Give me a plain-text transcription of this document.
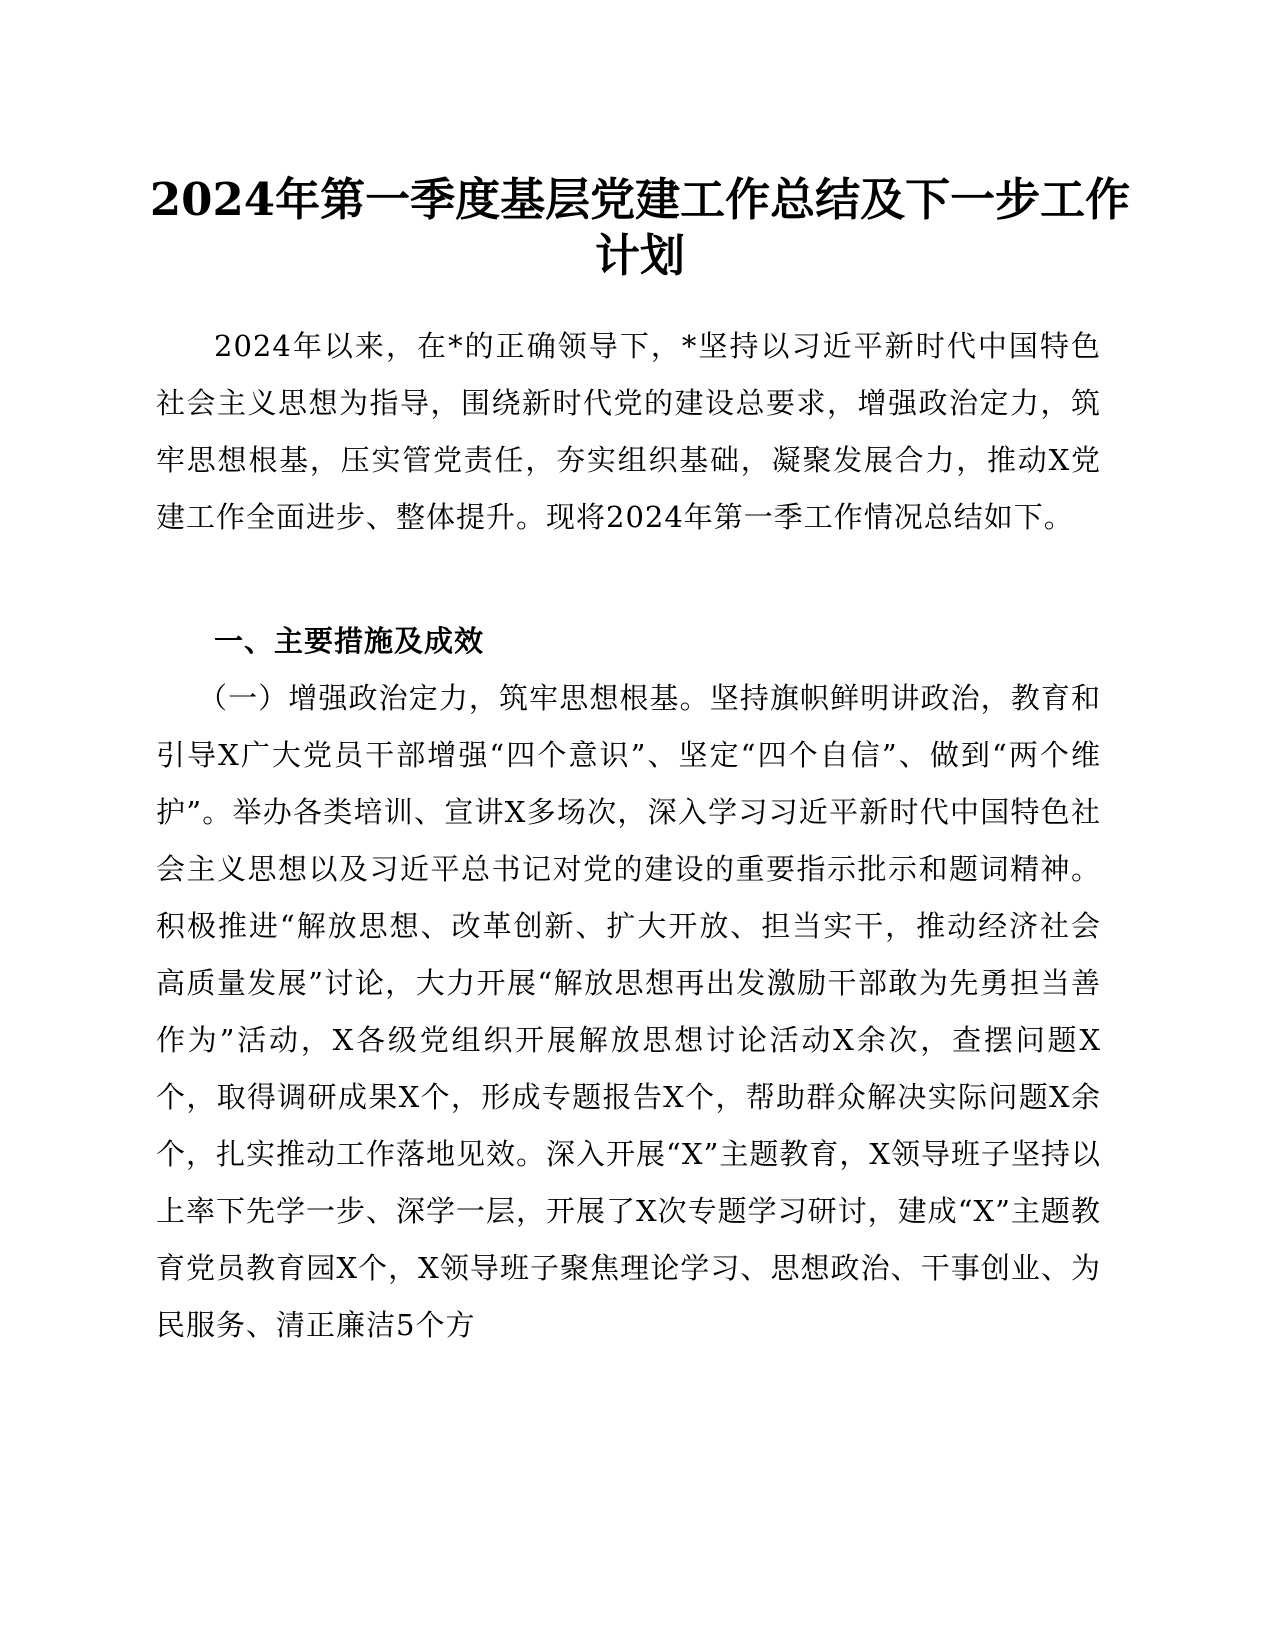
2024年第一季度基层党建工作总结及下一步工作计划

2024年以来，在*的正确领导下，*坚持以习近平新时代中国特色社会主义思想为指导，围绕新时代党的建设总要求，增强政治定力，筑牢思想根基，压实管党责任，夯实组织基础，凝聚发展合力，推动X党建工作全面进步、整体提升。现将2024年第一季工作情况总结如下。

一、主要措施及成效

（一）增强政治定力，筑牢思想根基。坚持旗帜鲜明讲政治，教育和引导X广大党员干部增强“四个意识”、坚定“四个自信”、做到“两个维护”。举办各类培训、宣讲X多场次，深入学习习近平新时代中国特色社会主义思想以及习近平总书记对党的建设的重要指示批示和题词精神。积极推进“解放思想、改革创新、扩大开放、担当实干，推动经济社会高质量发展”讨论，大力开展“解放思想再出发激励干部敢为先勇担当善作为”活动，X各级党组织开展解放思想讨论活动X余次，查摆问题X个，取得调研成果X个，形成专题报告X个，帮助群众解决实际问题X余个，扎实推动工作落地见效。深入开展“X”主题教育，X领导班子坚持以上率下先学一步、深学一层，开展了X次专题学习研讨，建成“X”主题教育党员教育园X个，X领导班子聚焦理论学习、思想政治、干事创业、为民服务、清正廉洁5个方
